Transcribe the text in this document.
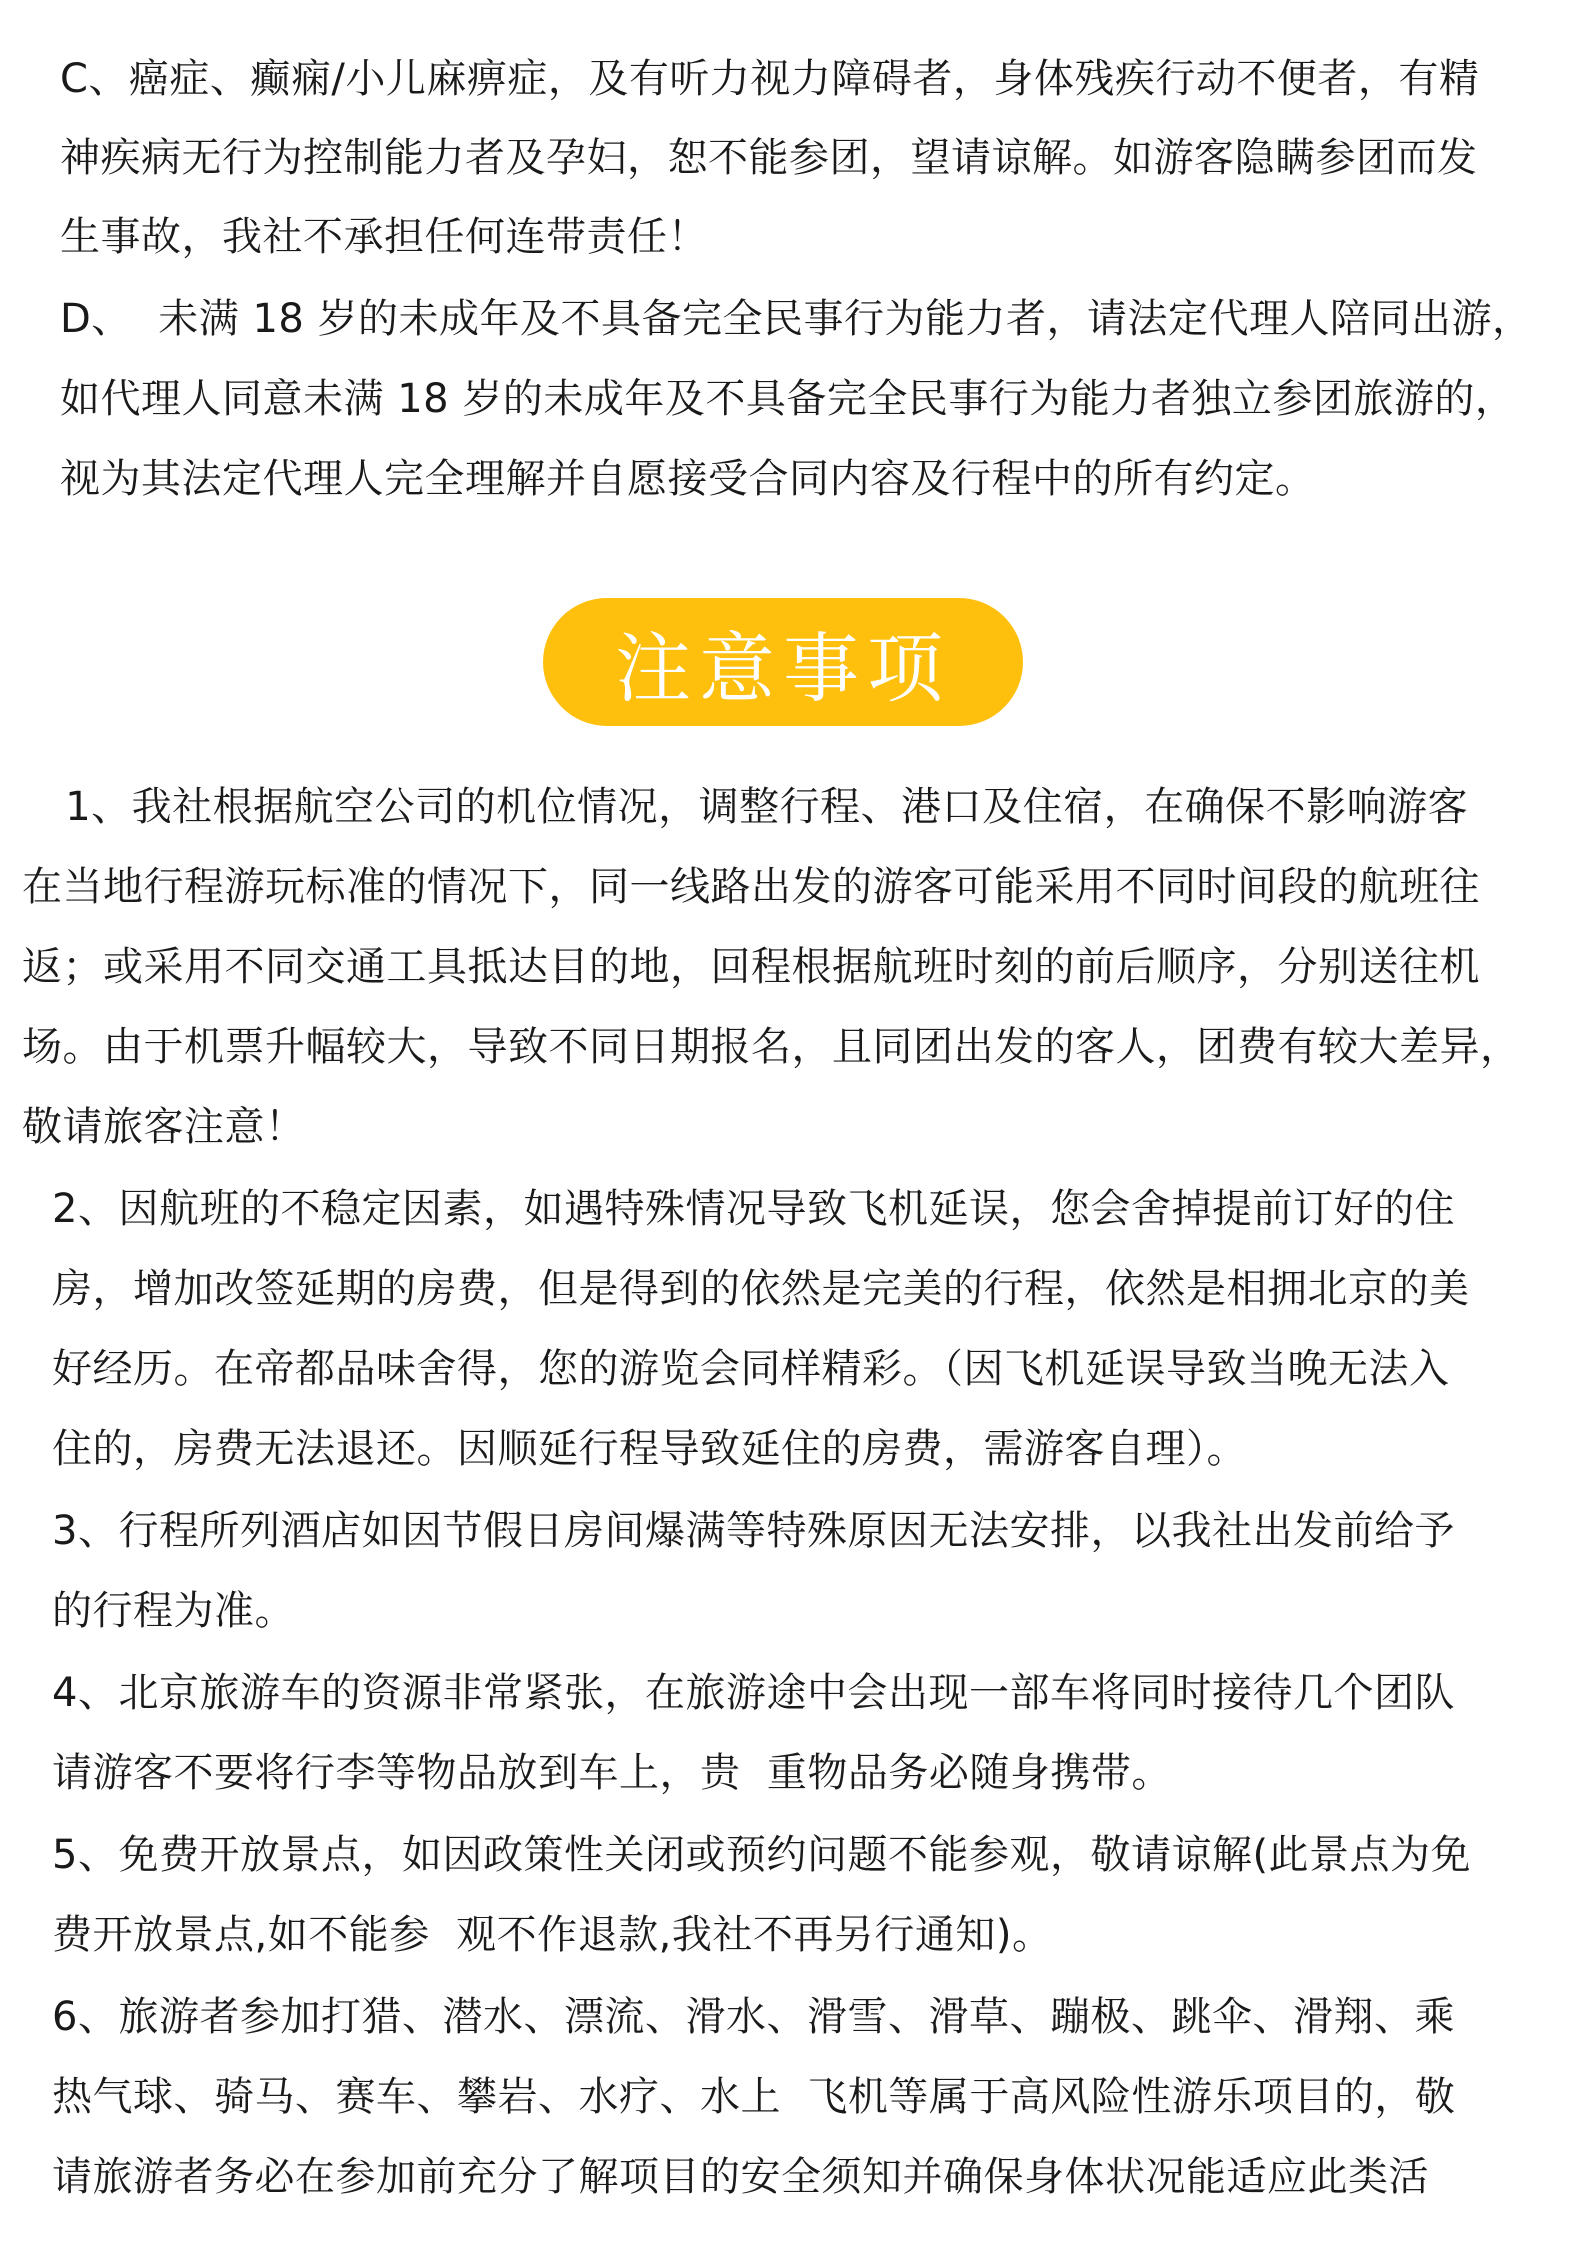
C、癌症、癫痫/小儿麻痹症，及有听力视力障碍者，身体残疾行动不便者，有精

神疾病无行为控制能力者及孕妇，恕不能参团，望请谅解。如游客隐瞒参团而发

生事故，我社不承担任何连带责任！

D、  未满 18 岁的未成年及不具备完全民事行为能力者，请法定代理人陪同出游，

如代理人同意未满 18 岁的未成年及不具备完全民事行为能力者独立参团旅游的，

视为其法定代理人完全理解并自愿接受合同内容及行程中的所有约定。

注意事项

1、我社根据航空公司的机位情况，调整行程、港口及住宿，在确保不影响游客

在当地行程游玩标准的情况下，同一线路出发的游客可能采用不同时间段的航班往

返；或采用不同交通工具抵达目的地，回程根据航班时刻的前后顺序，分别送往机

场。由于机票升幅较大，导致不同日期报名，且同团出发的客人，团费有较大差异，

敬请旅客注意！

2、因航班的不稳定因素，如遇特殊情况导致飞机延误，您会舍掉提前订好的住

房，增加改签延期的房费，但是得到的依然是完美的行程，依然是相拥北京的美

好经历。在帝都品味舍得，您的游览会同样精彩。（因飞机延误导致当晚无法入

住的，房费无法退还。因顺延行程导致延住的房费，需游客自理）。

3、行程所列酒店如因节假日房间爆满等特殊原因无法安排，以我社出发前给予

的行程为准。

4、北京旅游车的资源非常紧张，在旅游途中会出现一部车将同时接待几个团队

请游客不要将行李等物品放到车上，贵  重物品务必随身携带。

5、免费开放景点，如因政策性关闭或预约问题不能参观，敬请谅解(此景点为免

费开放景点,如不能参  观不作退款,我社不再另行通知)。

6、旅游者参加打猎、潜水、漂流、滑水、滑雪、滑草、蹦极、跳伞、滑翔、乘

热气球、骑马、赛车、攀岩、水疗、水上  飞机等属于高风险性游乐项目的，敬

请旅游者务必在参加前充分了解项目的安全须知并确保身体状况能适应此类活
